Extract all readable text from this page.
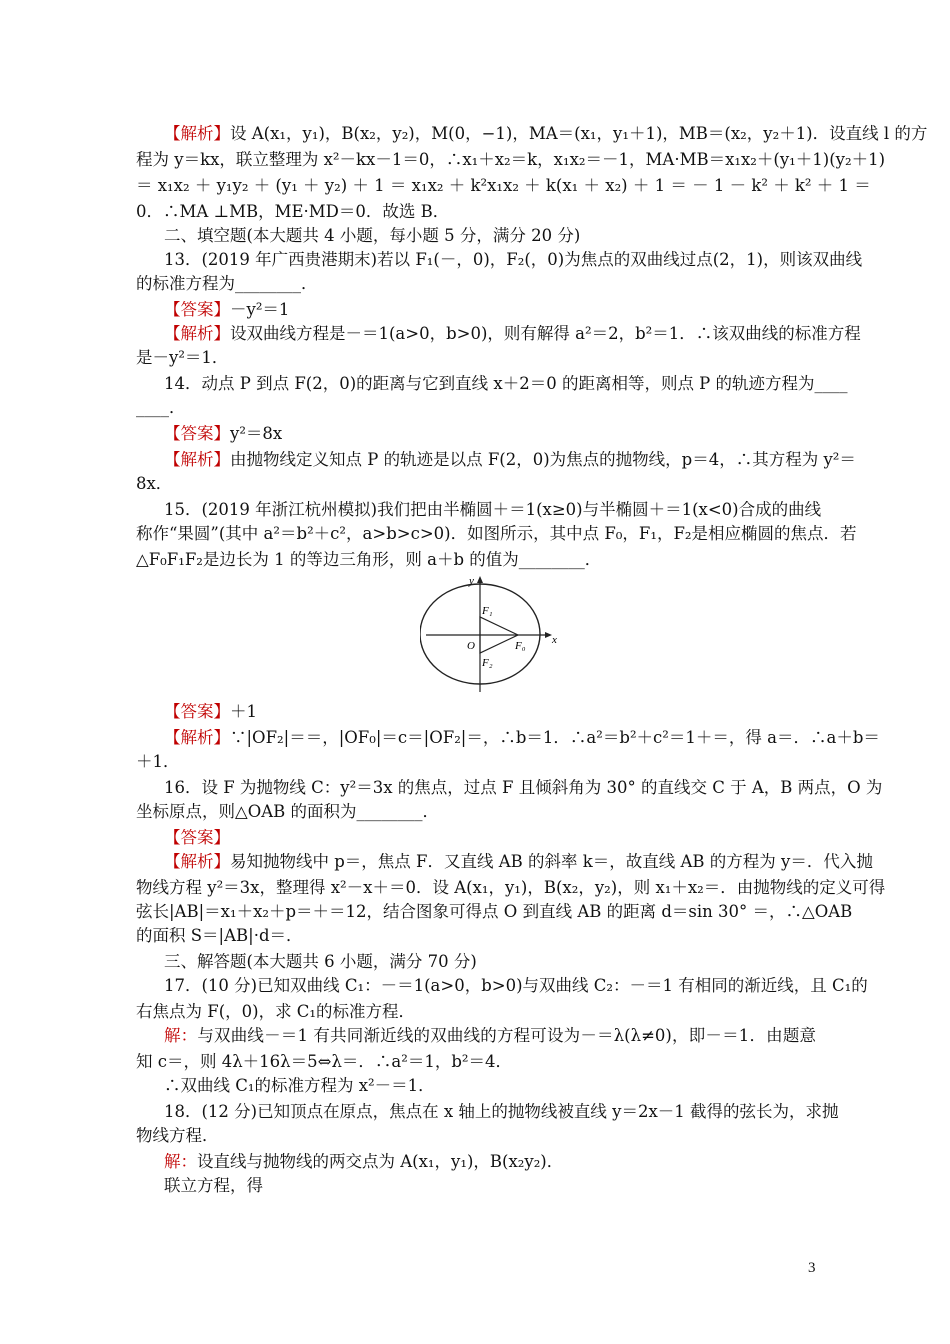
【解析】设 A(x₁，y₁)，B(x₂，y₂)，M(0，−1)，MA＝(x₁，y₁＋1)，MB＝(x₂，y₂＋1)．设直线 l 的方
程为 y＝kx，联立整理为 x²－kx－1＝0，∴x₁＋x₂＝k，x₁x₂＝－1，MA·MB＝x₁x₂＋(y₁＋1)(y₂＋1)
＝ x₁x₂ ＋ y₁y₂ ＋ (y₁ ＋ y₂) ＋ 1 ＝ x₁x₂ ＋ k²x₁x₂ ＋ k(x₁ ＋ x₂) ＋ 1 ＝ － 1 － k² ＋ k² ＋ 1 ＝
0．∴MA ⊥MB，ME·MD＝0．故选 B．
二、填空题(本大题共 4 小题，每小题 5 分，满分 20 分)
13．(2019 年广西贵港期末)若以 F₁(－，0)，F₂(，0)为焦点的双曲线过点(2，1)，则该双曲线
的标准方程为________．
【答案】－y²＝1
【解析】设双曲线方程是－＝1(a>0，b>0)，则有解得 a²＝2，b²＝1．∴该双曲线的标准方程
是－y²＝1．
14．动点 P 到点 F(2，0)的距离与它到直线 x＋2＝0 的距离相等，则点 P 的轨迹方程为____
____．
【答案】y²＝8x
【解析】由抛物线定义知点 P 的轨迹是以点 F(2，0)为焦点的抛物线，p＝4，∴其方程为 y²＝
8x．
15．(2019 年浙江杭州模拟)我们把由半椭圆＋＝1(x≥0)与半椭圆＋＝1(x<0)合成的曲线
称作“果圆”(其中 a²＝b²＋c²，a>b>c>0)．如图所示，其中点 F₀，F₁，F₂是相应椭圆的焦点．若
△F₀F₁F₂是边长为 1 的等边三角形，则 a＋b 的值为________．
y
x
O
F₁
F₂
F₀
【答案】＋1
【解析】∵|OF₂|＝＝，|OF₀|＝c＝|OF₂|＝，∴b＝1．∴a²＝b²＋c²＝1＋＝，得 a＝．∴a＋b＝
＋1．
16．设 F 为抛物线 C：y²＝3x 的焦点，过点 F 且倾斜角为 30° 的直线交 C 于 A，B 两点，O 为
坐标原点，则△OAB 的面积为________．
【答案】
【解析】易知抛物线中 p＝，焦点 F．又直线 AB 的斜率 k＝，故直线 AB 的方程为 y＝．代入抛
物线方程 y²＝3x，整理得 x²－x＋＝0．设 A(x₁，y₁)，B(x₂，y₂)，则 x₁＋x₂＝．由抛物线的定义可得
弦长|AB|＝x₁＋x₂＋p＝＋＝12，结合图象可得点 O 到直线 AB 的距离 d＝sin 30° ＝，∴△OAB
的面积 S＝|AB|·d＝．
三、解答题(本大题共 6 小题，满分 70 分)
17．(10 分)已知双曲线 C₁：－＝1(a>0，b>0)与双曲线 C₂：－＝1 有相同的渐近线，且 C₁的
右焦点为 F(，0)，求 C₁的标准方程．
解：与双曲线－＝1 有共同渐近线的双曲线的方程可设为－＝λ(λ≠0)，即－＝1．由题意
知 c＝，则 4λ＋16λ＝5⇔λ＝．∴a²＝1，b²＝4．
∴双曲线 C₁的标准方程为 x²－＝1．
18．(12 分)已知顶点在原点，焦点在 x 轴上的抛物线被直线 y＝2x－1 截得的弦长为，求抛
物线方程．
解：设直线与抛物线的两交点为 A(x₁，y₁)，B(x₂y₂)．
联立方程，得
3
